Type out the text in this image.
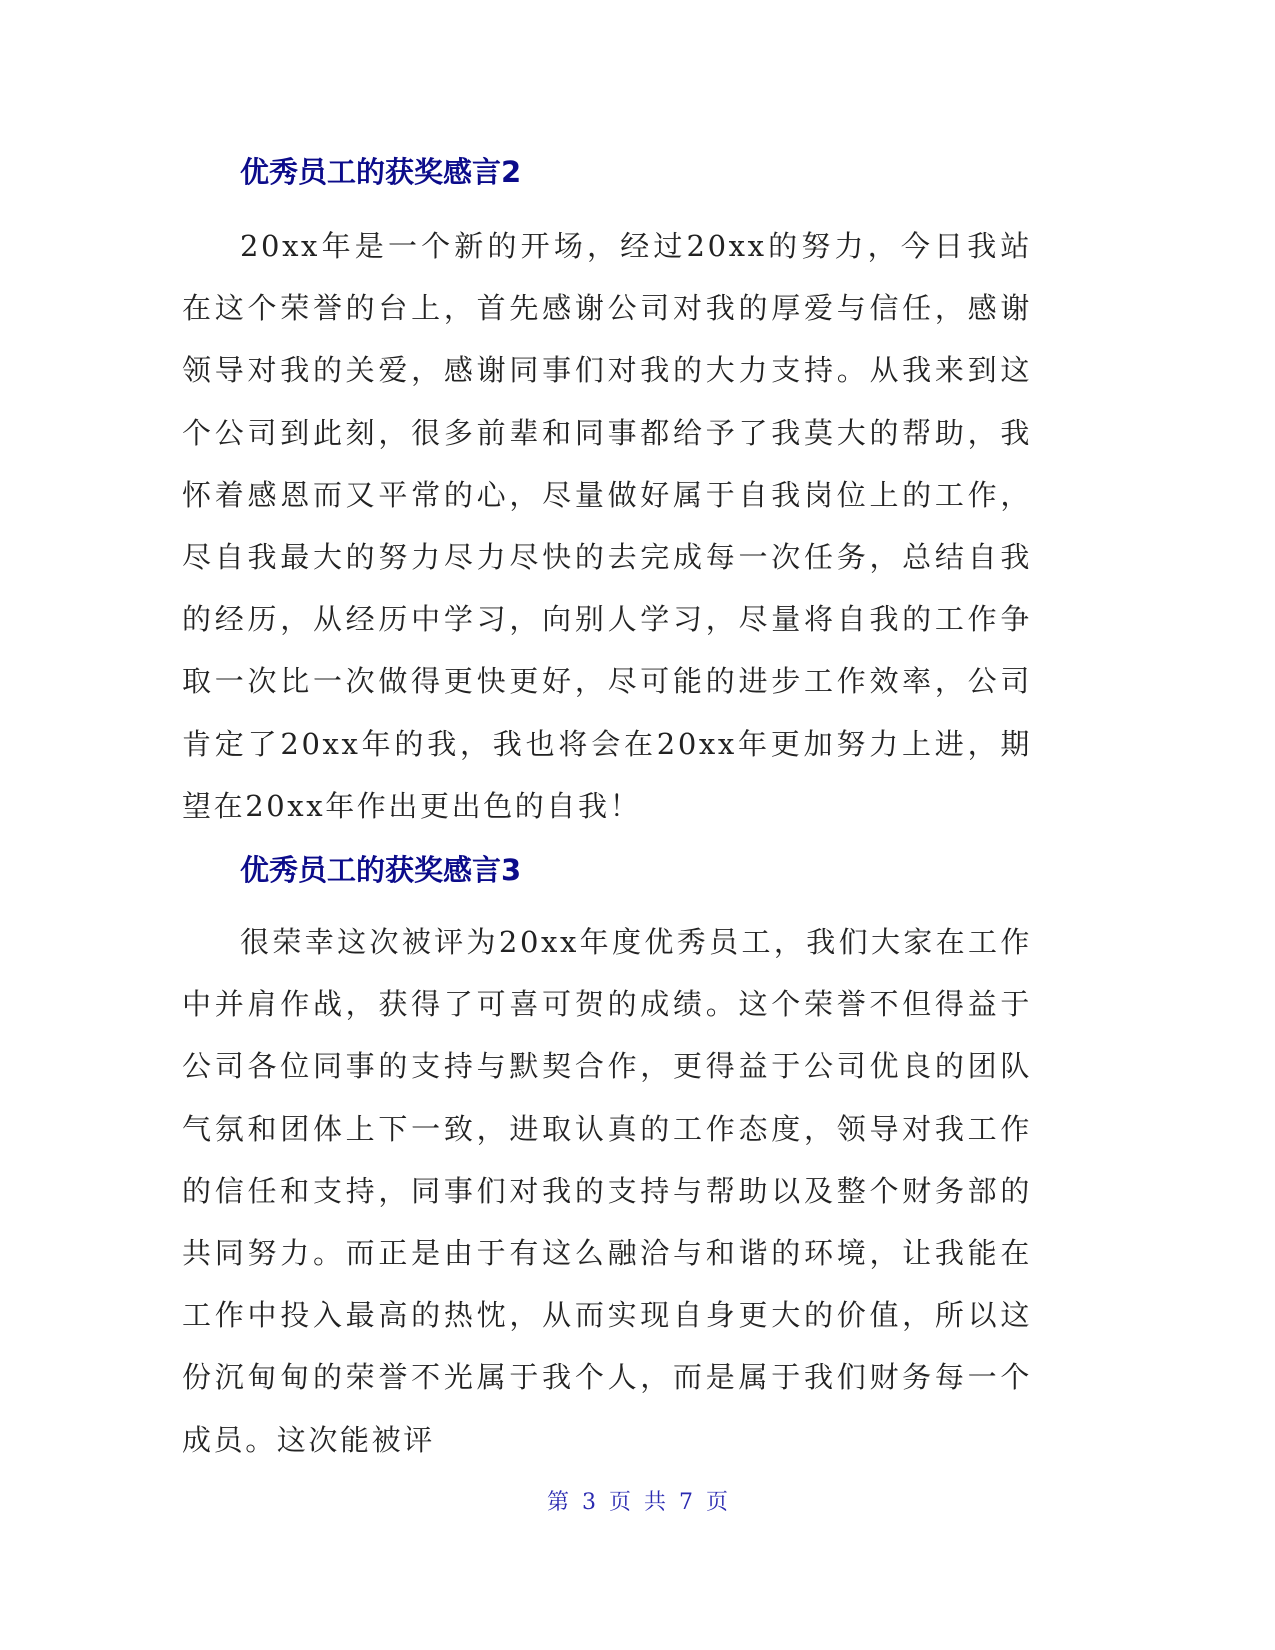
优秀员工的获奖感言2

20xx年是一个新的开场，经过20xx的努力，今日我站在这个荣誉的台上，首先感谢公司对我的厚爱与信任，感谢领导对我的关爱，感谢同事们对我的大力支持。从我来到这个公司到此刻，很多前辈和同事都给予了我莫大的帮助，我怀着感恩而又平常的心，尽量做好属于自我岗位上的工作，尽自我最大的努力尽力尽快的去完成每一次任务，总结自我的经历，从经历中学习，向别人学习，尽量将自我的工作争取一次比一次做得更快更好，尽可能的进步工作效率，公司肯定了20xx年的我，我也将会在20xx年更加努力上进，期望在20xx年作出更出色的自我！

优秀员工的获奖感言3

很荣幸这次被评为20xx年度优秀员工，我们大家在工作中并肩作战，获得了可喜可贺的成绩。这个荣誉不但得益于公司各位同事的支持与默契合作，更得益于公司优良的团队气氛和团体上下一致，进取认真的工作态度，领导对我工作的信任和支持，同事们对我的支持与帮助以及整个财务部的共同努力。而正是由于有这么融洽与和谐的环境，让我能在工作中投入最高的热忱，从而实现自身更大的价值，所以这份沉甸甸的荣誉不光属于我个人，而是属于我们财务每一个成员。这次能被评

第 3 页 共 7 页
